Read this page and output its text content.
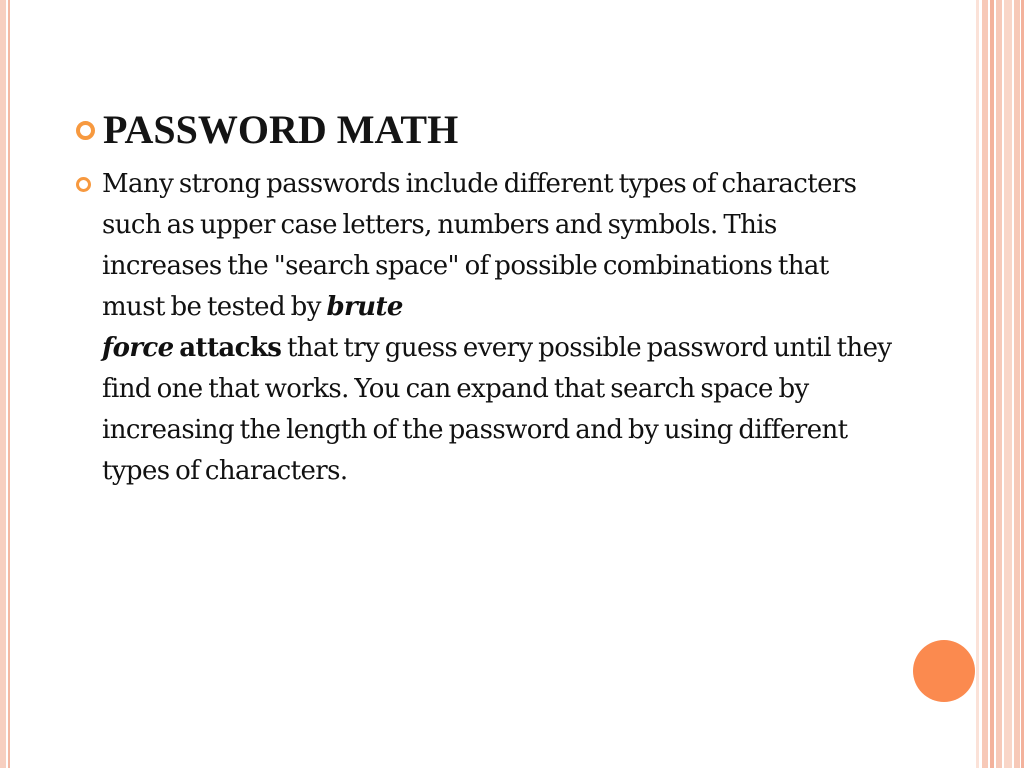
PASSWORD MATH
Many strong passwords include different types of characters such as upper case letters, numbers and symbols. This increases the "search space" of possible combinations that must be tested by brute
force attacks that try guess every possible password until they find one that works. You can expand that search space by increasing the length of the password and by using different types of characters.
